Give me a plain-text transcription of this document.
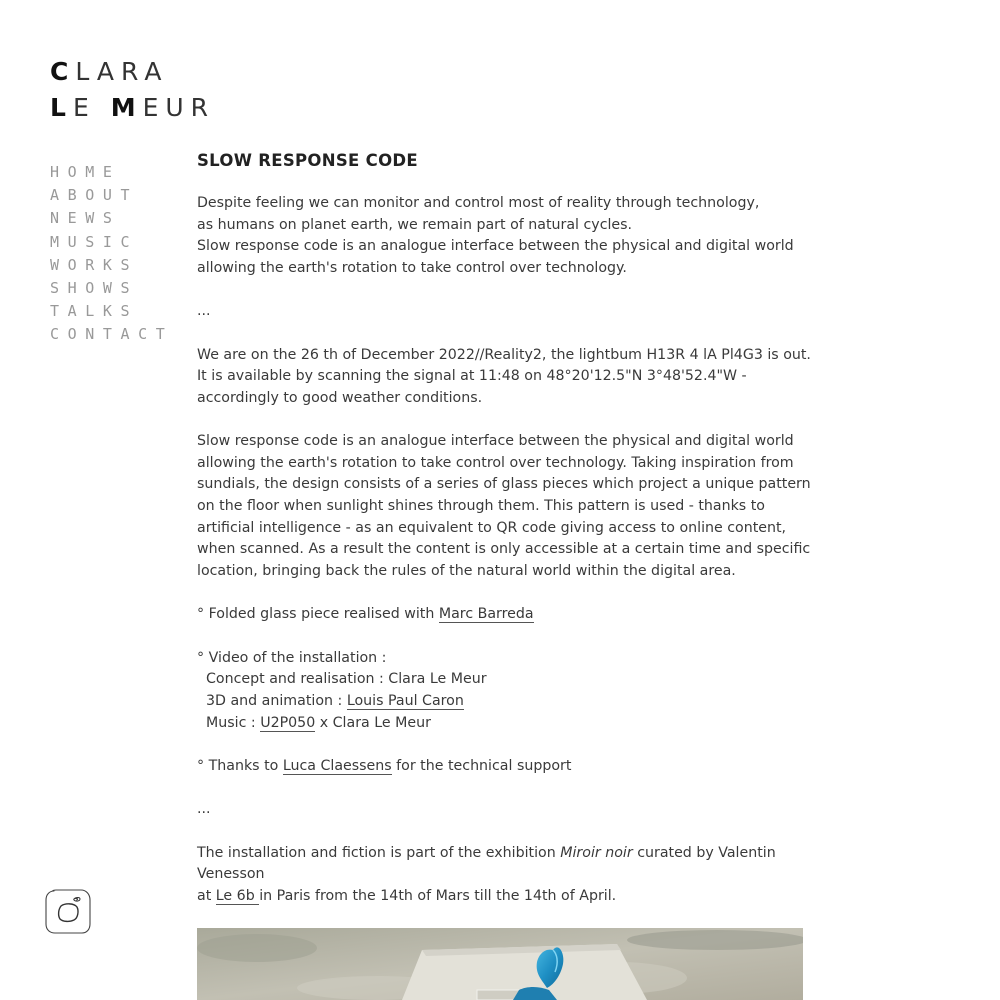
CLARA
LE MEUR
HOME
ABOUT
NEWS
MUSIC
WORKS
SHOWS
TALKS
CONTACT
SLOW RESPONSE CODE

Despite feeling we can monitor and control most of reality through technology,
as humans on planet earth, we remain part of natural cycles.
Slow response code is an analogue interface between the physical and digital world
allowing the earth's rotation to take control over technology.

...

We are on the 26 th of December 2022//Reality2, the lightbum H13R 4 lA Pl4G3 is out. It is available by scanning the signal at 11:48 on 48°20'12.5"N 3°48'52.4"W - accordingly to good weather conditions.

Slow response code is an analogue interface between the physical and digital world allowing the earth's rotation to take control over technology. Taking inspiration from sundials, the design consists of a series of glass pieces which project a unique pattern on the floor when sunlight shines through them. This pattern is used - thanks to artificial intelligence - as an equivalent to QR code giving access to online content, when scanned. As a result the content is only accessible at a certain time and specific location, bringing back the rules of the natural world within the digital area.

° Folded glass piece realised with Marc Barreda

° Video of the installation :
Concept and realisation : Clara Le Meur
3D and animation : Louis Paul Caron
Music : U2P050 x Clara Le Meur

° Thanks to Luca Claessens for the technical support

...

The installation and fiction is part of the exhibition Miroir noir curated by Valentin Venesson
at Le 6b in Paris from the 14th of Mars till the 14th of April.
